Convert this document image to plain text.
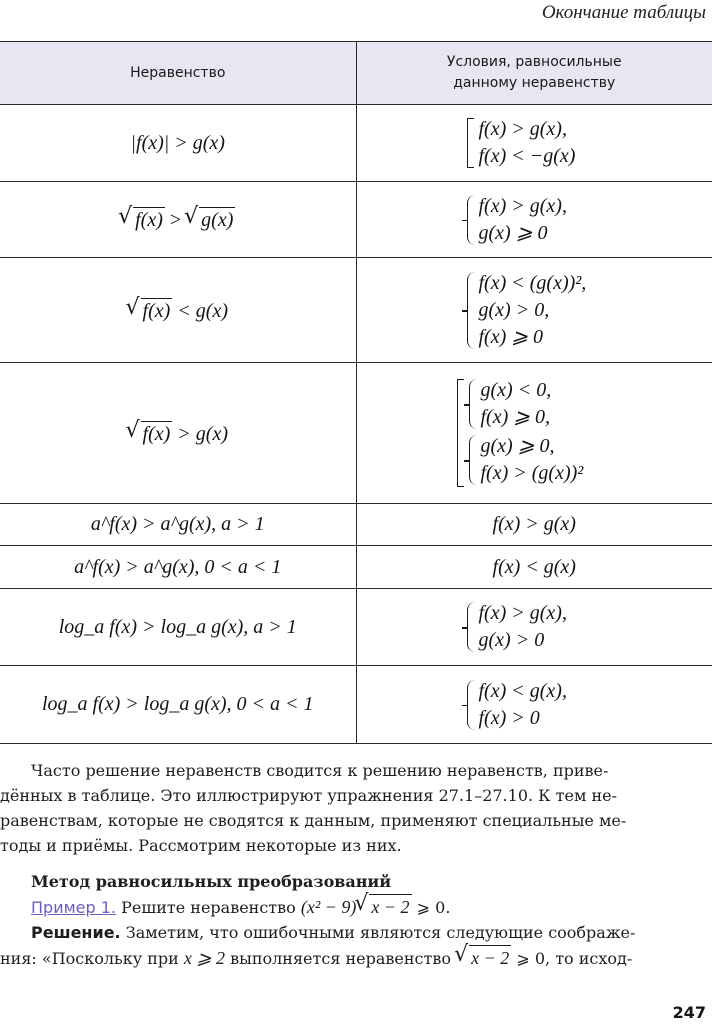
Окончание таблицы
Неравенство	Условия, равносильные
данному неравенству
|f(x)| > g(x)	f(x) > g(x),
f(x) < −g(x)

√ f(x) > √ g(x)	f(x) > g(x),
g(x) ⩾ 0

√ f(x) < g(x)	f(x) < (g(x))²,
g(x) > 0,
f(x) ⩾ 0

√ f(x) > g(x)	g(x) < 0,
f(x) ⩾ 0,
g(x) ⩾ 0,
f(x) > (g(x))²

a^f(x) > a^g(x), a > 1	f(x) > g(x)
a^f(x) > a^g(x), 0 < a < 1	f(x) < g(x)
log_a f(x) > log_a g(x), a > 1	f(x) > g(x),
g(x) > 0

log_a f(x) > log_a g(x), 0 < a < 1	f(x) < g(x),
f(x) > 0
Часто решение неравенств сводится к решению неравенств, приве-
дённых в таблице. Это иллюстрируют упражнения 27.1–27.10. К тем не-
равенствам, которые не сводятся к данным, применяют специальные ме-
тоды и приёмы. Рассмотрим некоторые из них.
Метод равносильных преобразований
Пример 1. Решите неравенство (x² − 9) √ x − 2 ⩾ 0.
Решение. Заметим, что ошибочными являются следующие соображе-
ния: «Поскольку при x ⩾ 2 выполняется неравенство √ x − 2 ⩾ 0, то исход-
247
